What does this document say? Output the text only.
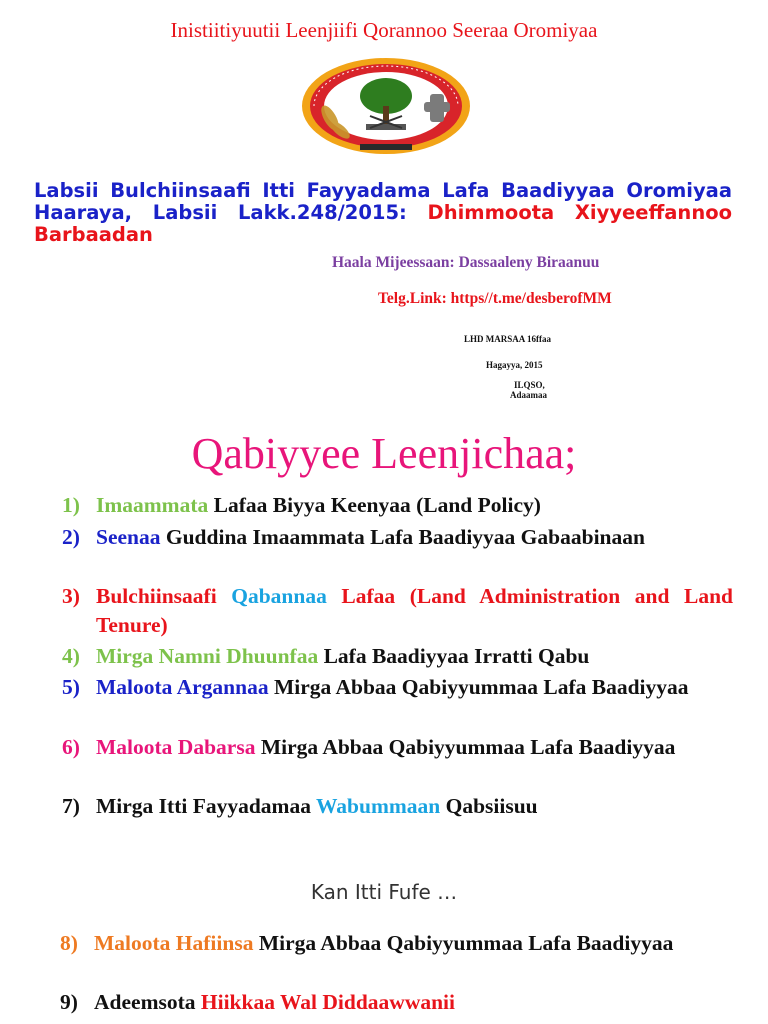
Inistiitiyuutii Leenjiifi Qorannoo Seeraa Oromiyaa
Labsii Bulchiinsaafi Itti Fayyadama Lafa Baadiyyaa Oromiyaa Haaraya, Labsii Lakk.248/2015: Dhimmoota Xiyyeeffannoo Barbaadan
Haala Mijeessaan: Dassaaleny Biraanuu
Telg.Link: https//t.me/desberofMM
LHD MARSAA 16ffaa
Hagayya, 2015
ILQSO,
Adaamaa
Qabiyyee Leenjichaa;
1) Imaammata Lafaa Biyya Keenyaa (Land Policy)
2) Seenaa Guddina Imaammata Lafa Baadiyyaa Gabaabinaan
3) Bulchiinsaafi Qabannaa Lafaa (Land Administration and Land Tenure)
4) Mirga Namni Dhuunfaa Lafa Baadiyyaa Irratti Qabu
5) Maloota Argannaa Mirga Abbaa Qabiyyummaa Lafa Baadiyyaa
6) Maloota Dabarsa Mirga Abbaa Qabiyyummaa Lafa Baadiyyaa
7) Mirga Itti Fayyadamaa Wabummaan Qabsiisuu
Kan Itti Fufe …
8) Maloota Hafiinsa Mirga Abbaa Qabiyyummaa Lafa Baadiyyaa
9) Adeemsota Hiikkaa Wal Diddaawwanii
